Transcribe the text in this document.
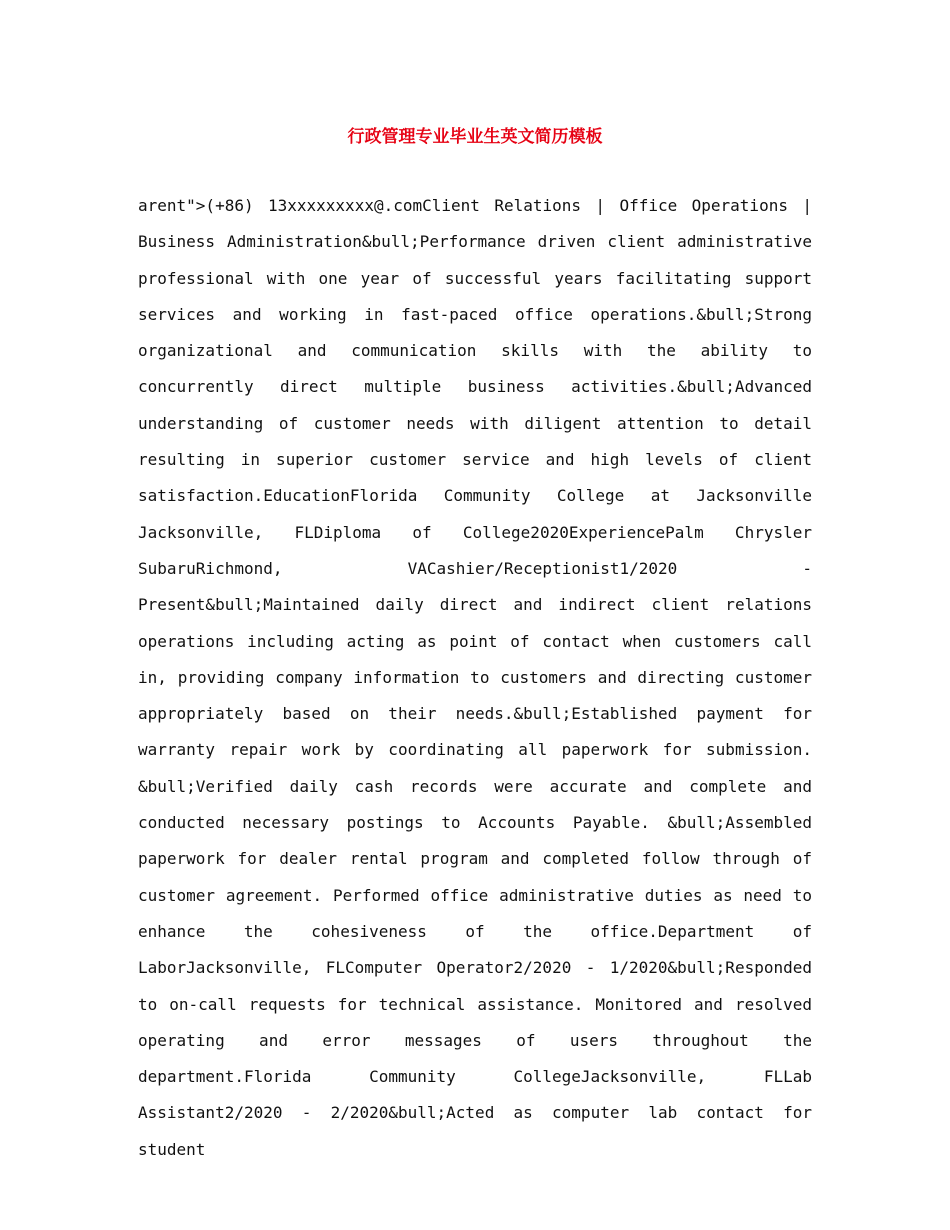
行政管理专业毕业生英文简历模板

arent">(+86) 13xxxxxxxxx@.comClient Relations | Office Operations | Business Administration&bull;Performance driven client administrative professional with one year of successful years facilitating support services and working in fast-paced office operations.&bull;Strong organizational and communication skills with the ability to concurrently direct multiple business activities.&bull;Advanced understanding of customer needs with diligent attention to detail resulting in superior customer service and high levels of client satisfaction.EducationFlorida Community College at Jacksonville Jacksonville, FLDiploma of College2020ExperiencePalm Chrysler SubaruRichmond, VACashier/Receptionist1/2020 - Present&bull;Maintained daily direct and indirect client relations operations including acting as point of contact when customers call in, providing company information to customers and directing customer appropriately based on their needs.&bull;Established payment for warranty repair work by coordinating all paperwork for submission. &bull;Verified daily cash records were accurate and complete and conducted necessary postings to Accounts Payable. &bull;Assembled paperwork for dealer rental program and completed follow through of customer agreement. Performed office administrative duties as need to enhance the cohesiveness of the office.Department of LaborJacksonville, FLComputer Operator2/2020 - 1/2020&bull;Responded to on-call requests for technical assistance. Monitored and resolved operating and error messages of users throughout the department.Florida Community CollegeJacksonville, FLLab Assistant2/2020 - 2/2020&bull;Acted as computer lab contact for student
